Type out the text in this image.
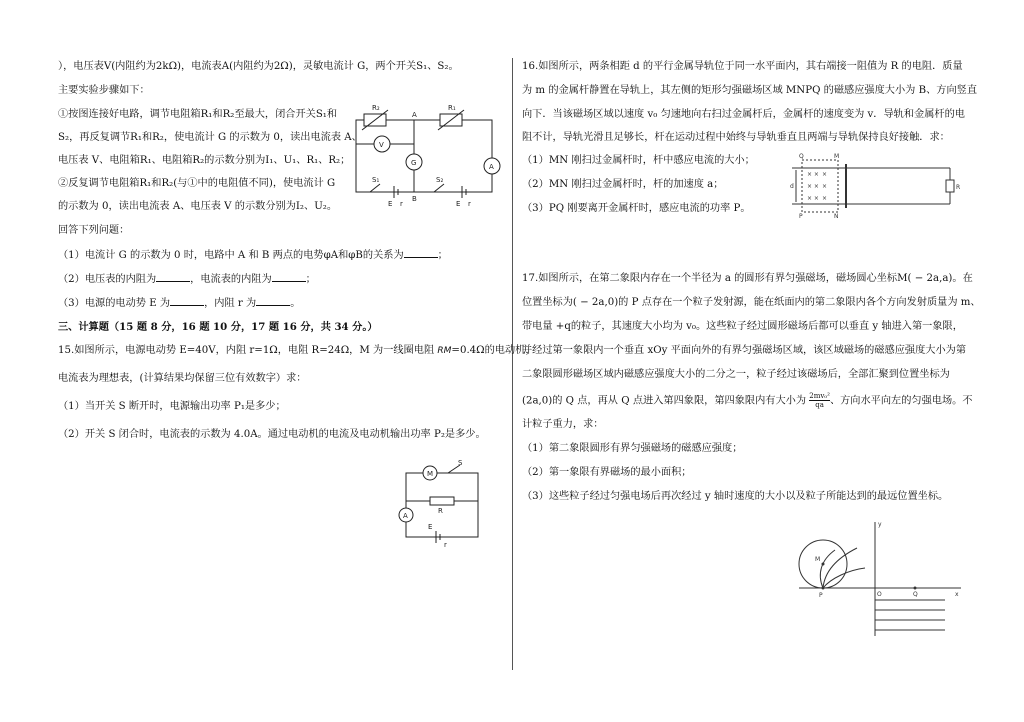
），电压表V(内阻约为2kΩ)，电流表A(内阻约为2Ω)，灵敏电流计 G，两个开关S₁、S₂。
主要实验步骤如下：
①按图连接好电路，调节电阻箱R₁和R₂至最大，闭合开关S₁和
S₂，再反复调节R₁和R₂，使电流计 G 的示数为 0，读出电流表 A、
电压表 V、电阻箱R₁、电阻箱R₂的示数分别为I₁、U₁、R₁、R₂；
②反复调节电阻箱R₁和R₂(与①中的电阻值不同)，使电流计 G
的示数为 0，读出电流表 A、电压表 V 的示数分别为I₂、U₂。
回答下列问题：
（1）电流计 G 的示数为 0 时，电路中 A 和 B 两点的电势φA和φB的关系为	；
（2）电压表的内阻为	，电流表的内阻为	；
（3）电源的电动势 E 为	，内阻 r 为	。
三、计算题（15 题 8 分，16 题 10 分，17 题 16 分，共 34 分。）
15.如图所示，电源电动势 E=40V，内阻 r=1Ω，电阻 R=24Ω，M 为一线圈电阻 RM=0.4Ω的电动机，
电流表为理想表，(计算结果均保留三位有效数字）求：
（1）当开关 S 断开时，电源输出功率 P₁是多少；
（2）开关 S 闭合时，电流表的示数为 4.0A。通过电动机的电流及电动机输出功率 P₂是多少。
R₂	R₁
A
B
V
G	A
S₁	S₂
E r	E r
M
S
R
A
E
r
16.如图所示，两条相距 d 的平行金属导轨位于同一水平面内，其右端接一阻值为 R 的电阻．质量
为 m 的金属杆静置在导轨上，其左侧的矩形匀强磁场区域 MNPQ 的磁感应强度大小为 B、方向竖直
向下．当该磁场区域以速度 v₀ 匀速地向右扫过金属杆后，金属杆的速度变为 v．导轨和金属杆的电
阻不计，导轨光滑且足够长，杆在运动过程中始终与导轨垂直且两端与导轨保持良好接触．求：
（1）MN 刚扫过金属杆时，杆中感应电流的大小；
（2）MN 刚扫过金属杆时，杆的加速度 a；
（3）PQ 刚要离开金属杆时，感应电流的功率 P。
17.如图所示，在第二象限内存在一个半径为 a 的圆形有界匀强磁场，磁场圆心坐标M( − 2a,a)。在
位置坐标为( − 2a,0)的 P 点存在一个粒子发射源，能在纸面内的第二象限内各个方向发射质量为 m、
带电量 +q的粒子，其速度大小均为 v₀。这些粒子经过圆形磁场后都可以垂直 y 轴进入第一象限，
并经过第一象限内一个垂直 xOy 平面向外的有界匀强磁场区域，该区域磁场的磁感应强度大小为第
二象限圆形磁场区域内磁感应强度大小的二分之一，粒子经过该磁场后，全部汇聚到位置坐标为
(2a,0)的 Q 点，再从 Q 点进入第四象限，第四象限内有大小为 $\frac{\text{2mv₀²}}{qa}$ 、方向水平向左的匀强电场。不
计粒子重力，求：
（1）第二象限圆形有界匀强磁场的磁感应强度；
（2）第一象限有界磁场的最小面积；
（3）这些粒子经过匀强电场后再次经过 y 轴时速度的大小以及粒子所能达到的最远位置坐标。
× ×
× ×
× ×
×
×
×
Q	M
P	N
d	R
y
x
O
M
P	Q
